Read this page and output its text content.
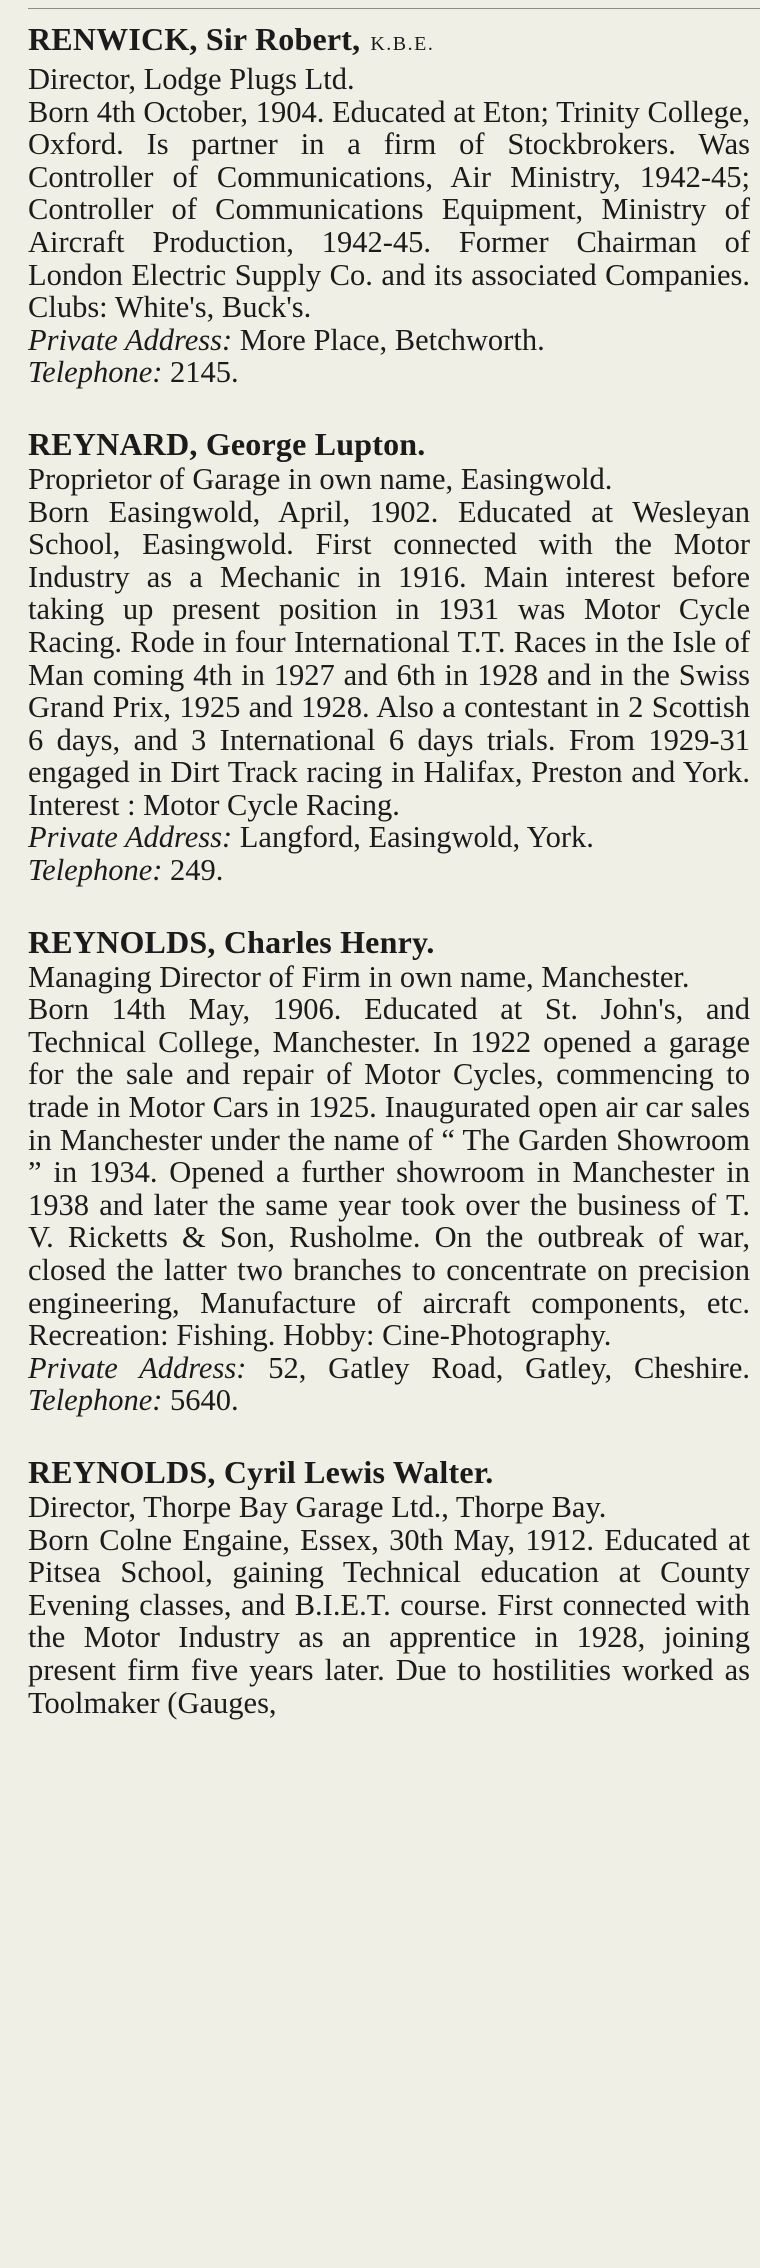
RENWICK, Sir Robert, K.B.E.

Director, Lodge Plugs Ltd.

Born 4th October, 1904. Educated at Eton; Trinity College, Oxford. Is partner in a firm of Stockbrokers. Was Controller of Communications, Air Ministry, 1942-45; Controller of Communications Equipment, Ministry of Aircraft Production, 1942-45. Former Chairman of London Electric Supply Co. and its associated Companies. Clubs: White's, Buck's.

Private Address: More Place, Betchworth.
Telephone: 2145.

REYNARD, George Lupton.

Proprietor of Garage in own name, Easingwold.

Born Easingwold, April, 1902. Educated at Wesleyan School, Easingwold. First connected with the Motor Industry as a Mechanic in 1916. Main interest before taking up present position in 1931 was Motor Cycle Racing. Rode in four International T.T. Races in the Isle of Man coming 4th in 1927 and 6th in 1928 and in the Swiss Grand Prix, 1925 and 1928. Also a contestant in 2 Scottish 6 days, and 3 International 6 days trials. From 1929-31 engaged in Dirt Track racing in Halifax, Preston and York. Interest : Motor Cycle Racing.

Private Address: Langford, Easingwold, York.
Telephone: 249.

REYNOLDS, Charles Henry.

Managing Director of Firm in own name, Manchester.

Born 14th May, 1906. Educated at St. John's, and Technical College, Manchester. In 1922 opened a garage for the sale and repair of Motor Cycles, commencing to trade in Motor Cars in 1925. Inaugurated open air car sales in Manchester under the name of “ The Garden Showroom ” in 1934. Opened a further showroom in Manchester in 1938 and later the same year took over the business of T. V. Ricketts & Son, Rusholme. On the outbreak of war, closed the latter two branches to concentrate on precision engineering, Manufacture of aircraft components, etc. Recreation: Fishing. Hobby: Cine-Photography.

Private Address: 52, Gatley Road, Gatley, Cheshire. Telephone: 5640.

REYNOLDS, Cyril Lewis Walter.

Director, Thorpe Bay Garage Ltd., Thorpe Bay.

Born Colne Engaine, Essex, 30th May, 1912. Educated at Pitsea School, gaining Technical education at County Evening classes, and B.I.E.T. course. First connected with the Motor Industry as an apprentice in 1928, joining present firm five years later. Due to hostilities worked as Toolmaker (Gauges,
